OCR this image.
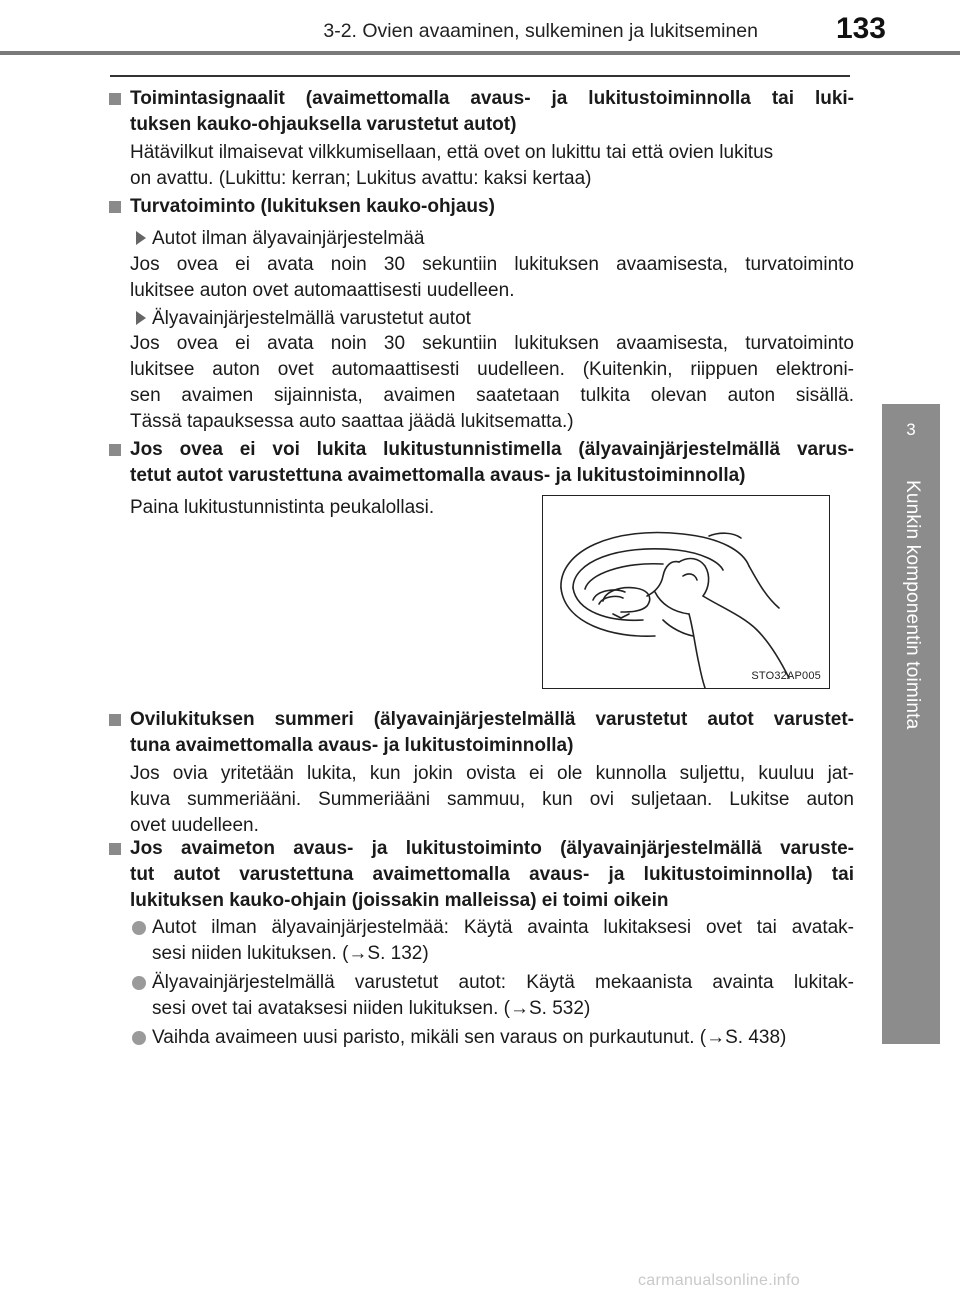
3-2. Ovien avaaminen, sulkeminen ja lukitseminen	133
3
Kunkin komponentin toiminta
Toimintasignaalit (avaimettomalla avaus- ja lukitustoiminnolla tai luki-
tuksen kauko-ohjauksella varustetut autot)
Hätävilkut ilmaisevat vilkkumisellaan, että ovet on lukittu tai että ovien lukitus
on avattu. (Lukittu: kerran; Lukitus avattu: kaksi kertaa)
Turvatoiminto (lukituksen kauko-ohjaus)
Autot ilman älyavainjärjestelmää
Jos ovea ei avata noin 30 sekuntiin lukituksen avaamisesta, turvatoiminto
lukitsee auton ovet automaattisesti uudelleen.
Älyavainjärjestelmällä varustetut autot
Jos ovea ei avata noin 30 sekuntiin lukituksen avaamisesta, turvatoiminto
lukitsee auton ovet automaattisesti uudelleen. (Kuitenkin, riippuen elektroni-
sen avaimen sijainnista, avaimen saatetaan tulkita olevan auton sisällä.
Tässä tapauksessa auto saattaa jäädä lukitsematta.)
Jos ovea ei voi lukita lukitustunnistimella (älyavainjärjestelmällä varus-
tetut autot varustettuna avaimettomalla avaus- ja lukitustoiminnolla)
Paina lukitustunnistinta peukalollasi.
STO32AP005
Ovilukituksen summeri (älyavainjärjestelmällä varustetut autot varustet-
tuna avaimettomalla avaus- ja lukitustoiminnolla)
Jos ovia yritetään lukita, kun jokin ovista ei ole kunnolla suljettu, kuuluu jat-
kuva summeriääni. Summeriääni sammuu, kun ovi suljetaan. Lukitse auton
ovet uudelleen.
Jos avaimeton avaus- ja lukitustoiminto (älyavainjärjestelmällä varuste-
tut autot varustettuna avaimettomalla avaus- ja lukitustoiminnolla) tai
lukituksen kauko-ohjain (joissakin malleissa) ei toimi oikein
Autot ilman älyavainjärjestelmää: Käytä avainta lukitaksesi ovet tai avatak-
sesi niiden lukituksen. (→S. 132)
Älyavainjärjestelmällä varustetut autot: Käytä mekaanista avainta lukitak-
sesi ovet tai avataksesi niiden lukituksen. (→S. 532)
Vaihda avaimeen uusi paristo, mikäli sen varaus on purkautunut. (→S. 438)
carmanualsonline.info
